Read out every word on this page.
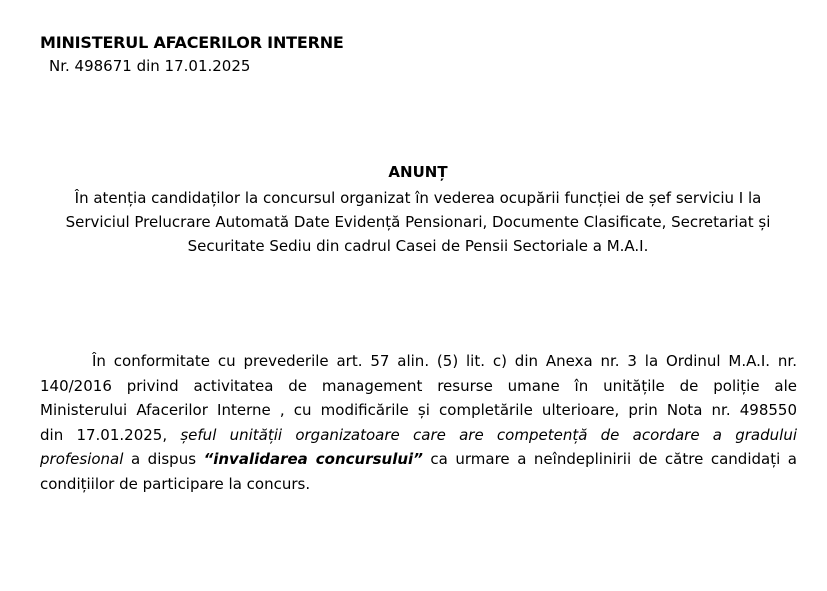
MINISTERUL AFACERILOR INTERNE
Nr. 498671 din 17.01.2025
ANUNȚ
În atenția candidaților la concursul organizat în vederea ocupării funcției de șef serviciu I la
Serviciul Prelucrare Automată Date Evidență Pensionari, Documente Clasificate, Secretariat și
Securitate Sediu din cadrul Casei de Pensii Sectoriale a M.A.I.
În conformitate cu prevederile art. 57 alin. (5) lit. c) din Anexa nr. 3 la Ordinul M.A.I. nr.
140/2016 privind activitatea de management resurse umane în unitățile de poliție ale
Ministerului Afacerilor Interne , cu modificările și completările ulterioare, prin Nota nr. 498550
din 17.01.2025, șeful unității organizatoare care are competență de acordare a gradului
profesional a dispus “invalidarea concursului” ca urmare a neîndeplinirii de către candidați a
condițiilor de participare la concurs.
